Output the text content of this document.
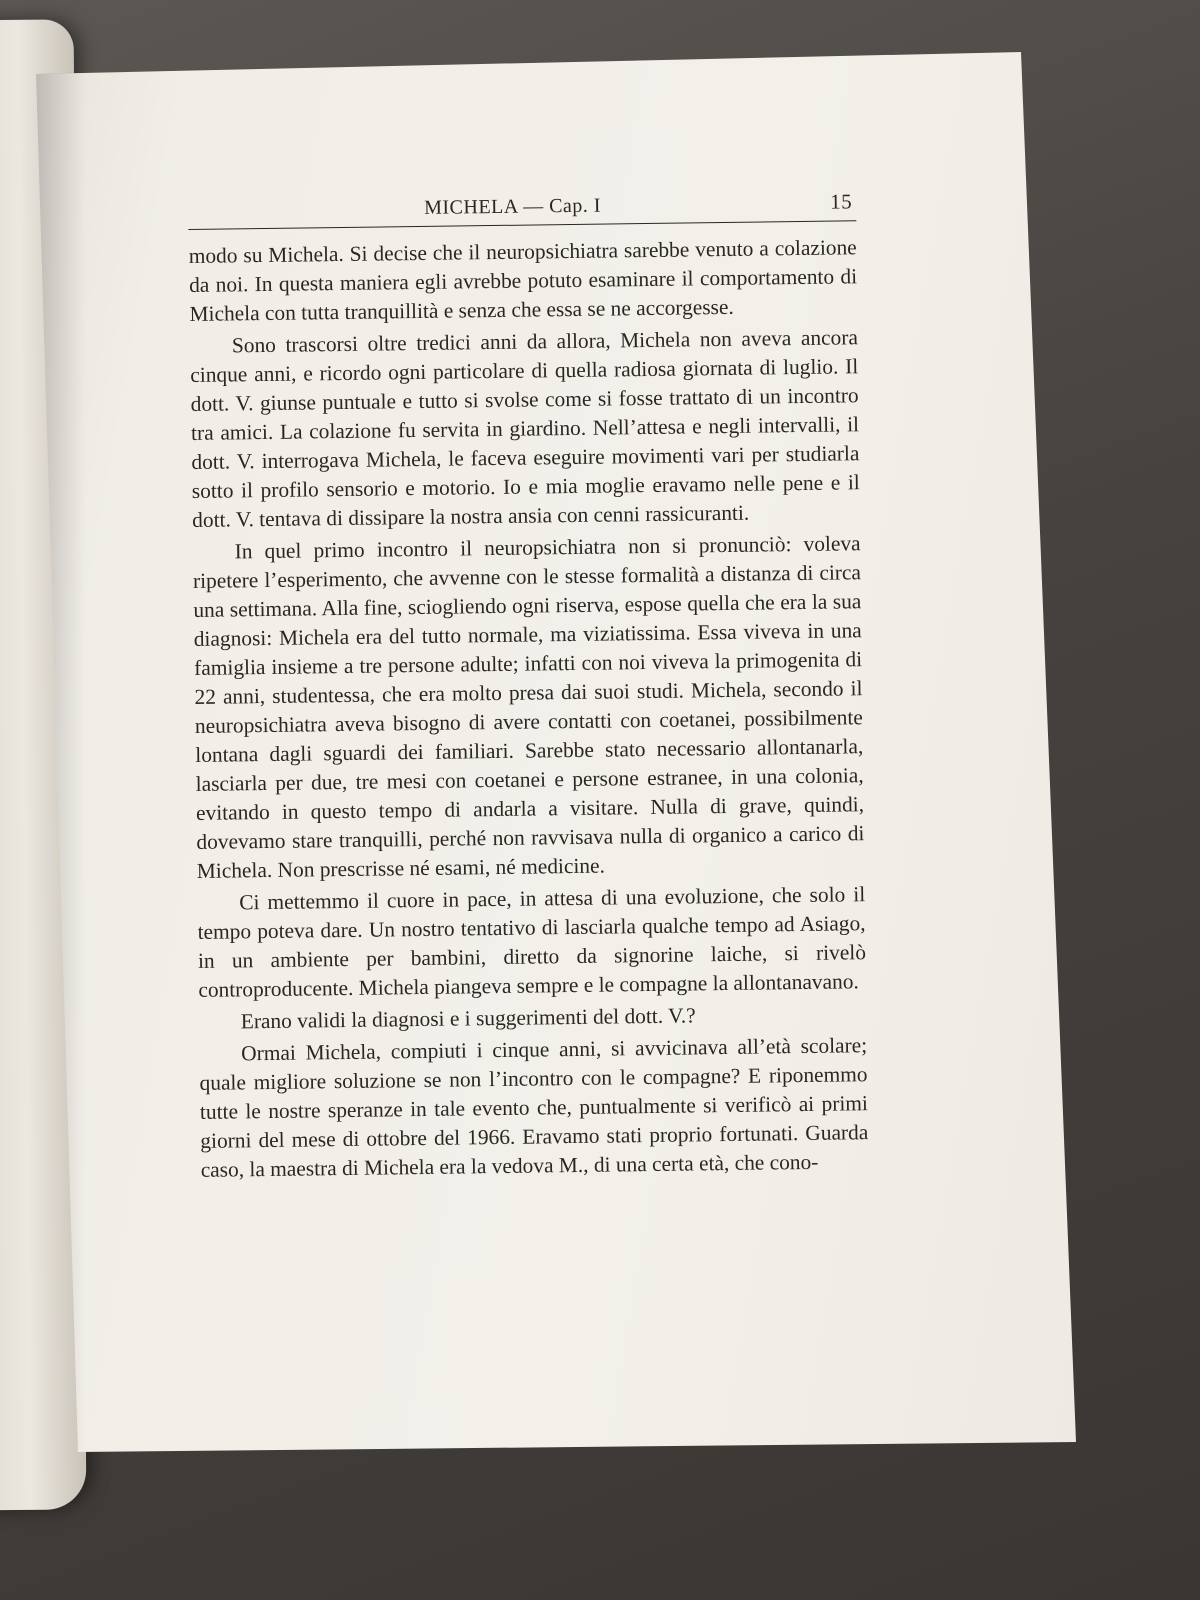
MICHELA — Cap. I	15

modo su Michela. Si decise che il neuropsichiatra sarebbe venuto a colazione da noi. In questa maniera egli avrebbe potuto esaminare il comportamento di Michela con tutta tranquillità e senza che essa se ne accorgesse.

Sono trascorsi oltre tredici anni da allora, Michela non aveva ancora cinque anni, e ricordo ogni particolare di quella radiosa giornata di luglio. Il dott. V. giunse puntuale e tutto si svolse come si fosse trattato di un incontro tra amici. La colazione fu servita in giardino. Nell’attesa e negli intervalli, il dott. V. interrogava Michela, le faceva eseguire movimenti vari per studiarla sotto il profilo sensorio e motorio. Io e mia moglie eravamo nelle pene e il dott. V. tentava di dissipare la nostra ansia con cenni rassicuranti.

In quel primo incontro il neuropsichiatra non si pronunciò: voleva ripetere l’esperimento, che avvenne con le stesse formalità a distanza di circa una settimana. Alla fine, sciogliendo ogni riserva, espose quella che era la sua diagnosi: Michela era del tutto normale, ma viziatissima. Essa viveva in una famiglia insieme a tre persone adulte; infatti con noi viveva la primogenita di 22 anni, studentessa, che era molto presa dai suoi studi. Michela, secondo il neuropsichiatra aveva bisogno di avere contatti con coetanei, possibilmente lontana dagli sguardi dei familiari. Sarebbe stato necessario allontanarla, lasciarla per due, tre mesi con coetanei e persone estranee, in una colonia, evitando in questo tempo di andarla a visitare. Nulla di grave, quindi, dovevamo stare tranquilli, perché non ravvisava nulla di organico a carico di Michela. Non prescrisse né esami, né medicine.

Ci mettemmo il cuore in pace, in attesa di una evoluzione, che solo il tempo poteva dare. Un nostro tentativo di lasciarla qualche tempo ad Asiago, in un ambiente per bambini, diretto da signorine laiche, si rivelò controproducente. Michela piangeva sempre e le compagne la allontanavano.

Erano validi la diagnosi e i suggerimenti del dott. V.?

Ormai Michela, compiuti i cinque anni, si avvicinava all’età scolare; quale migliore soluzione se non l’incontro con le compagne? E riponemmo tutte le nostre speranze in tale evento che, puntualmente si verificò ai primi giorni del mese di ottobre del 1966. Eravamo stati proprio fortunati. Guarda caso, la maestra di Michela era la vedova M., di una certa età, che cono-
